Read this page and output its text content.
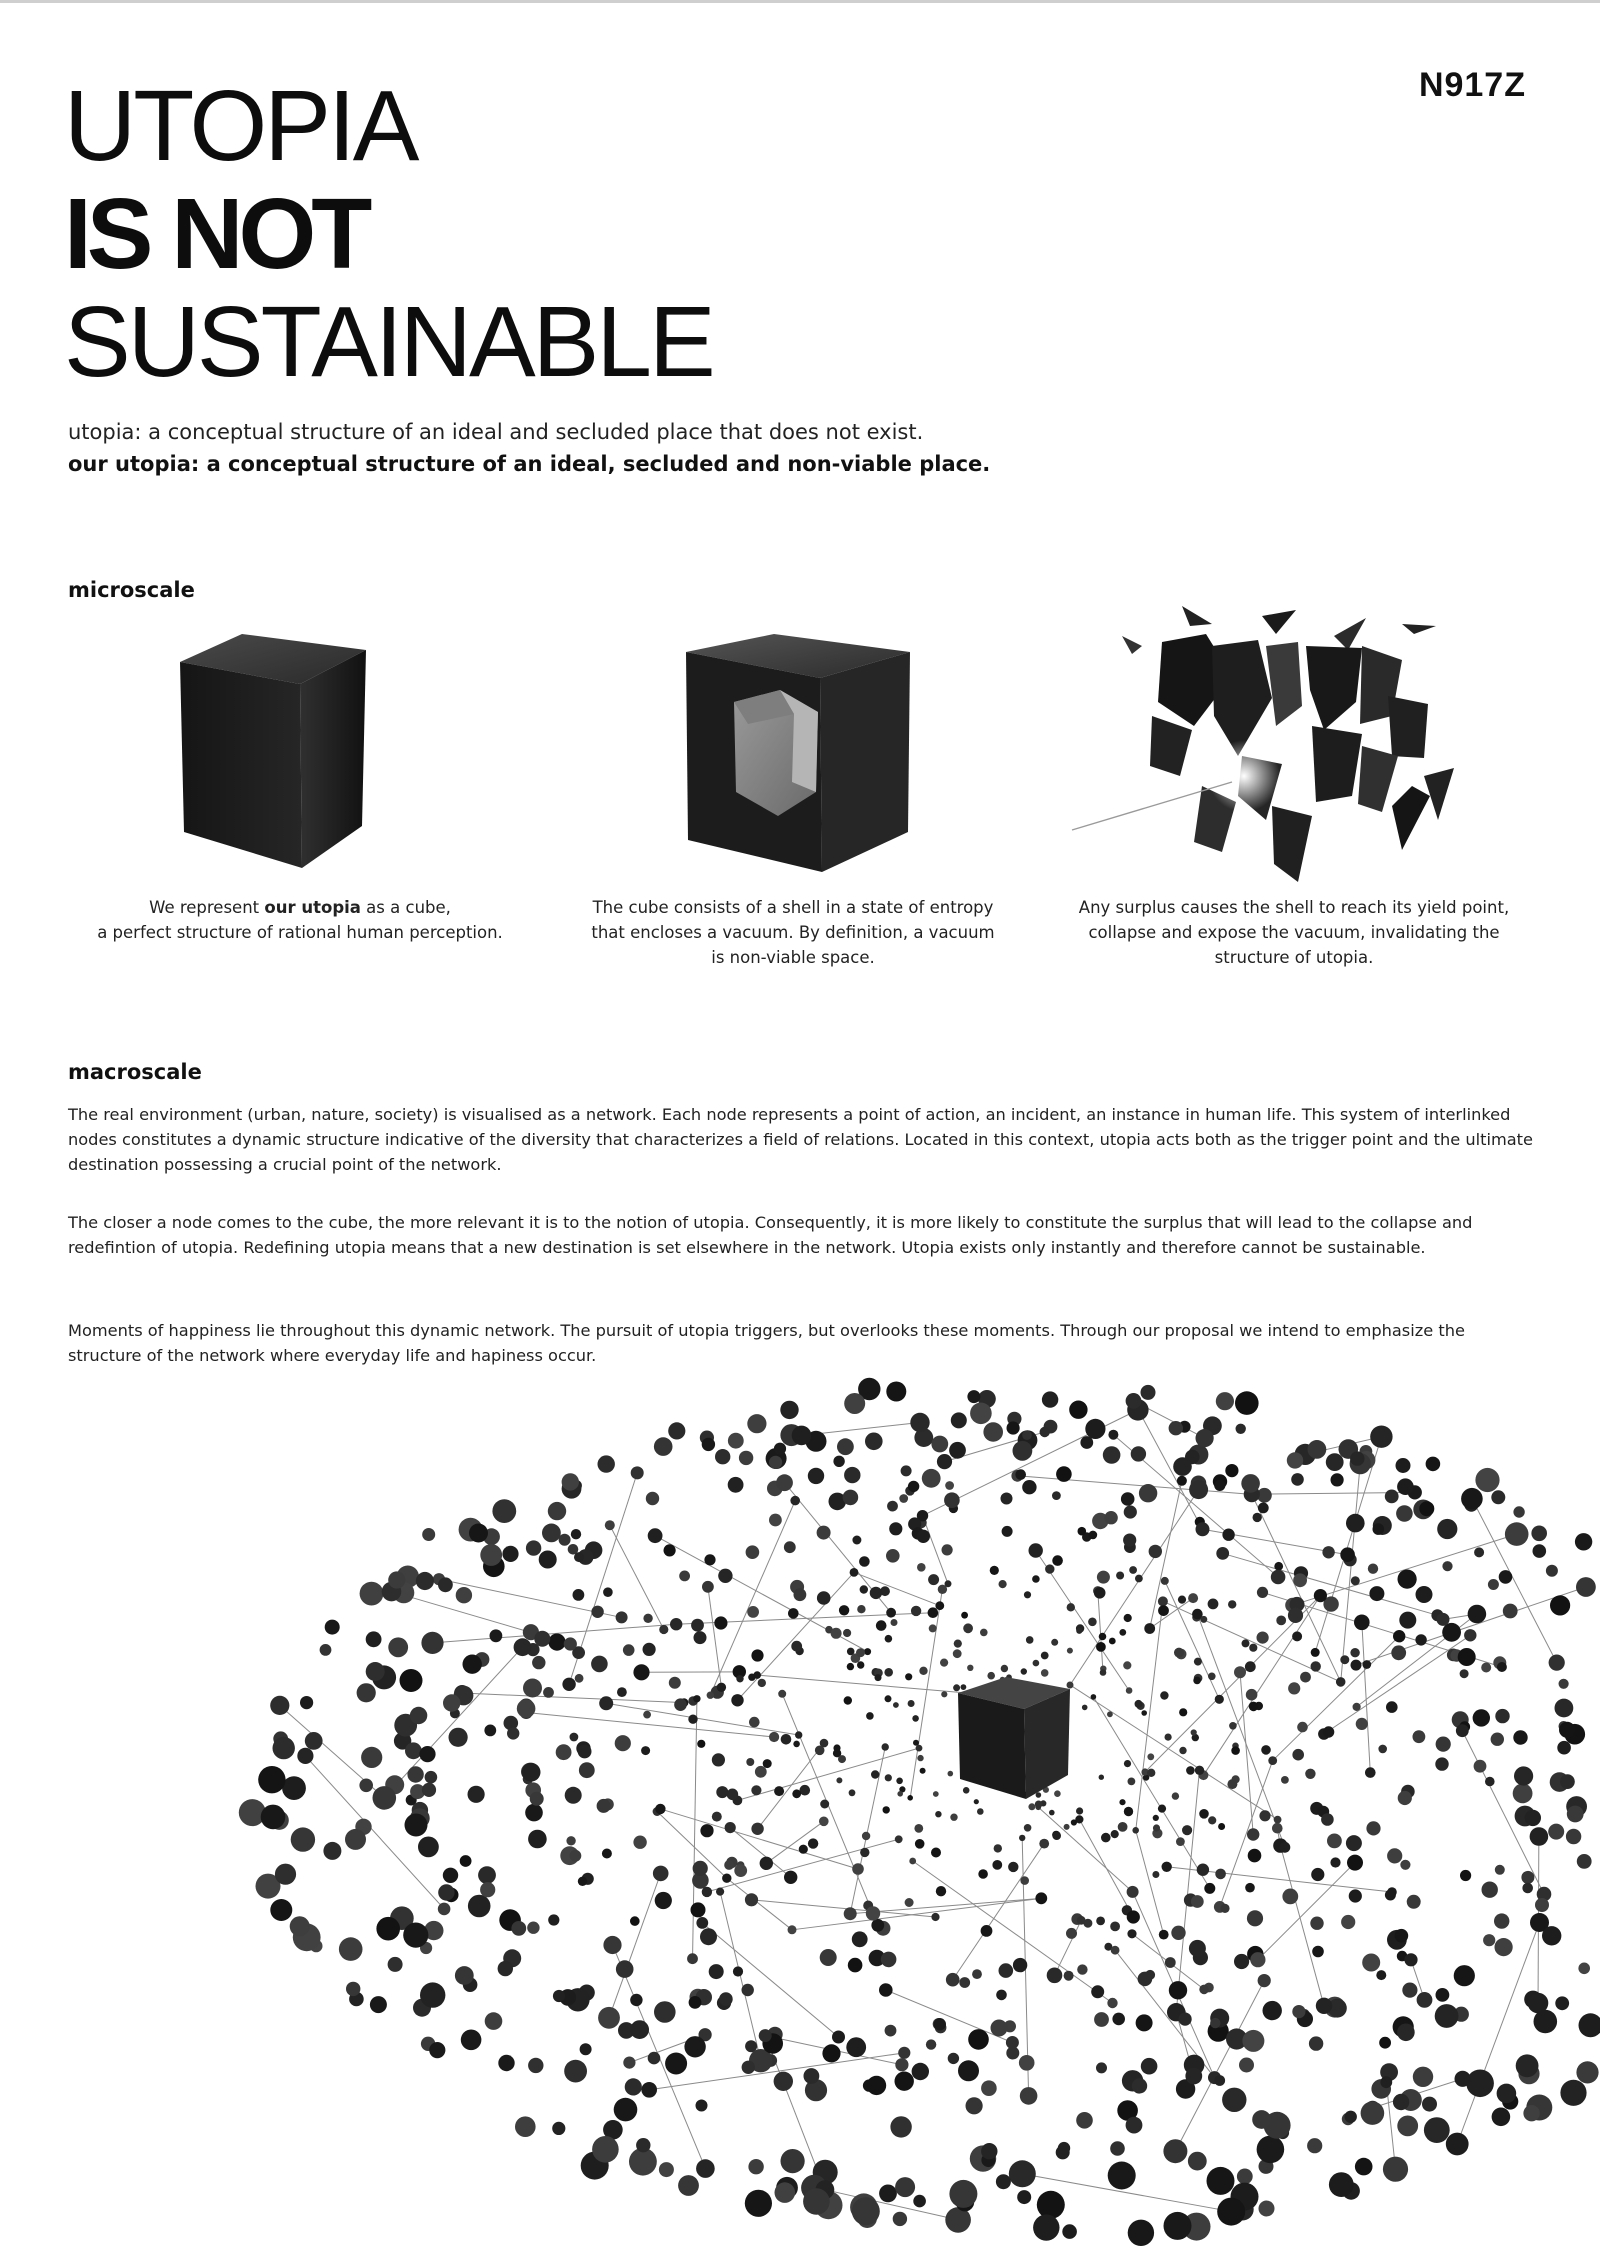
N917Z
UTOPIA
IS NOT
SUSTAINABLE
utopia: a conceptual structure of an ideal and secluded place that does not exist.
our utopia: a conceptual structure of an ideal, secluded and non-viable place.
microscale
We represent our utopia as a cube,
a perfect structure of rational human perception.
The cube consists of a shell in a state of entropy
that encloses a vacuum. By definition, a vacuum
is non-viable space.
Any surplus causes the shell to reach its yield point,
collapse and expose the vacuum, invalidating the
structure of utopia.
macroscale
The real environment (urban, nature, society) is visualised as a network. Each node represents a point of action, an incident, an instance in human life. This system of interlinked nodes constitutes a dynamic structure indicative of the diversity that characterizes a field of relations. Located in this context, utopia acts both as the trigger point and the ultimate destination possessing a crucial point of the network.
The closer a node comes to the cube, the more relevant it is to the notion of utopia. Consequently, it is more likely to constitute the surplus that will lead to the collapse and redefintion of utopia. Redefining utopia means that a new destination is set elsewhere in the network. Utopia exists only instantly and therefore cannot be sustainable.
Moments of happiness lie throughout this dynamic network. The pursuit of utopia triggers, but overlooks these moments. Through our proposal we intend to emphasize the structure of the network where everyday life and hapiness occur.
